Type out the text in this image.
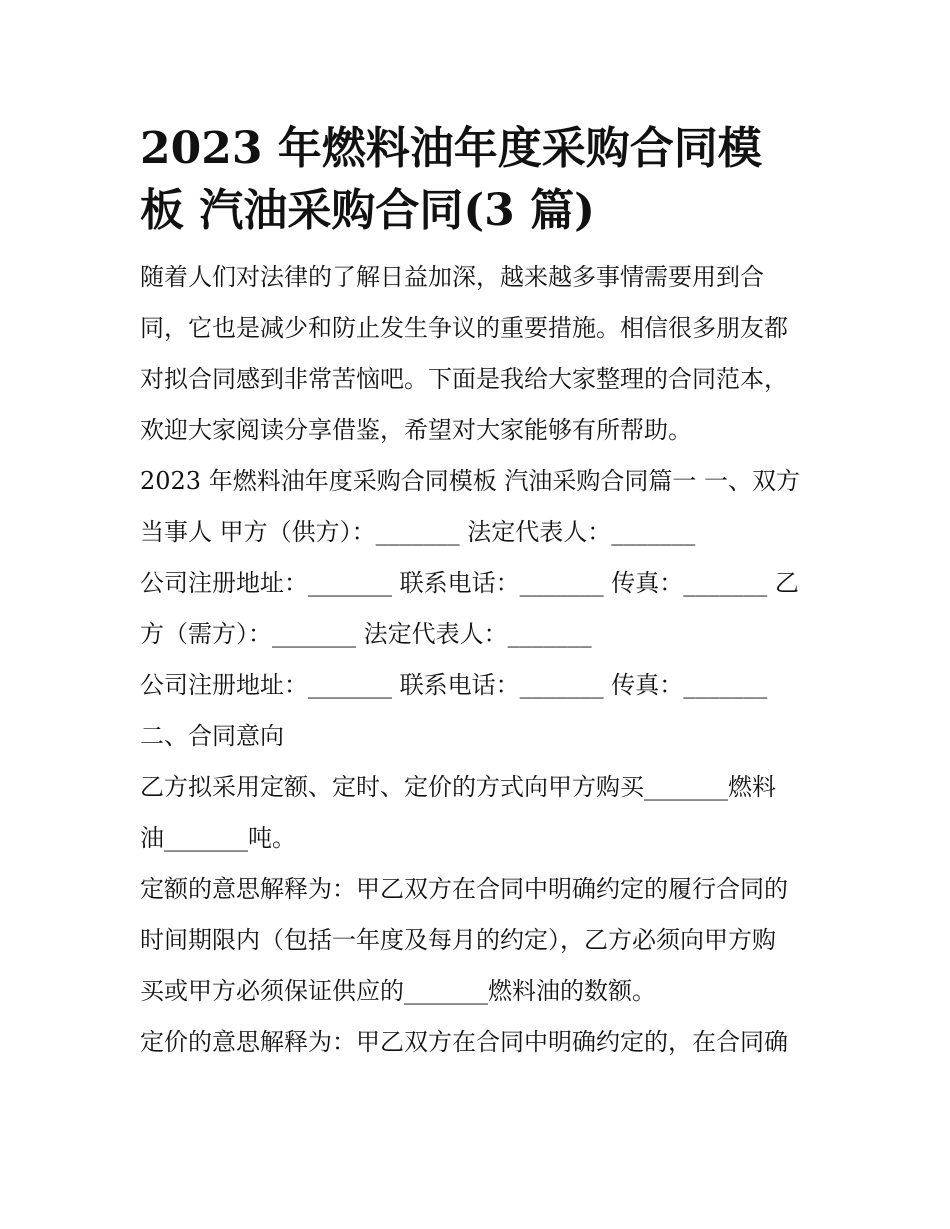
2023 年燃料油年度采购合同模
板 汽油采购合同(3 篇)

随着人们对法律的了解日益加深，越来越多事情需要用到合
同，它也是减少和防止发生争议的重要措施。相信很多朋友都
对拟合同感到非常苦恼吧。下面是我给大家整理的合同范本，
欢迎大家阅读分享借鉴，希望对大家能够有所帮助。

2023 年燃料油年度采购合同模板 汽油采购合同篇一 一、双方
当事人 甲方（供方）：_______ 法定代表人：_______
公司注册地址：_______ 联系电话：_______ 传真：_______ 乙
方（需方）：_______ 法定代表人：_______
公司注册地址：_______ 联系电话：_______ 传真：_______

二、合同意向

乙方拟采用定额、定时、定价的方式向甲方购买_______燃料
油_______吨。

定额的意思解释为：甲乙双方在合同中明确约定的履行合同的
时间期限内（包括一年度及每月的约定），乙方必须向甲方购
买或甲方必须保证供应的_______燃料油的数额。

定价的意思解释为：甲乙双方在合同中明确约定的，在合同确
